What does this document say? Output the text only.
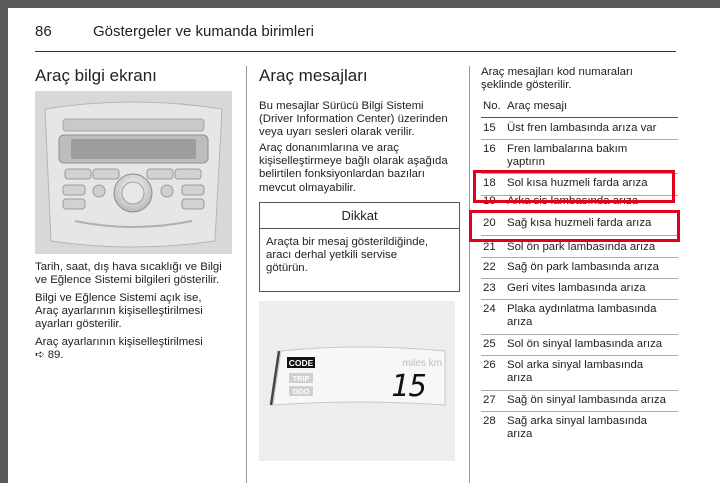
86	Göstergeler ve kumanda birimleri
Araç bilgi ekranı
Tarih, saat, dış hava sıcaklığı ve Bilgi
ve Eğlence Sistemi bilgileri gösterilir.
Bilgi ve Eğlence Sistemi açık ise,
Araç ayarlarının kişiselleştirilmesi
ayarları gösterilir.
Araç ayarlarının kişiselleştirilmesi
➪ 89.
Araç mesajları
Bu mesajlar Sürücü Bilgi Sistemi
(Driver Information Center) üzerinden
veya uyarı sesleri olarak verilir.
Araç donanımlarına ve araç
kişiselleştirmeye bağlı olarak aşağıda
belirtilen fonksiyonlardan bazıları
mevcut olmayabilir.
Dikkat
Araçta bir mesaj gösterildiğinde,
aracı derhal yetkili servise
götürün.
CODE
TRIP
ODO
miles km
15
Araç mesajları kod numaraları
şeklinde gösterilir.
No. Araç mesajı
15 Üst fren lambasında arıza var
16 Fren lambalarına bakım
yaptırın
18 Sol kısa huzmeli farda arıza
19 Arka sis lambasında arıza
20 Sağ kısa huzmeli farda arıza
21 Sol ön park lambasında arıza
22 Sağ ön park lambasında arıza
23 Geri vites lambasında arıza
24 Plaka aydınlatma lambasında
arıza
25 Sol ön sinyal lambasında arıza
26 Sol arka sinyal lambasında
arıza
27 Sağ ön sinyal lambasında arıza
28 Sağ arka sinyal lambasında
arıza
